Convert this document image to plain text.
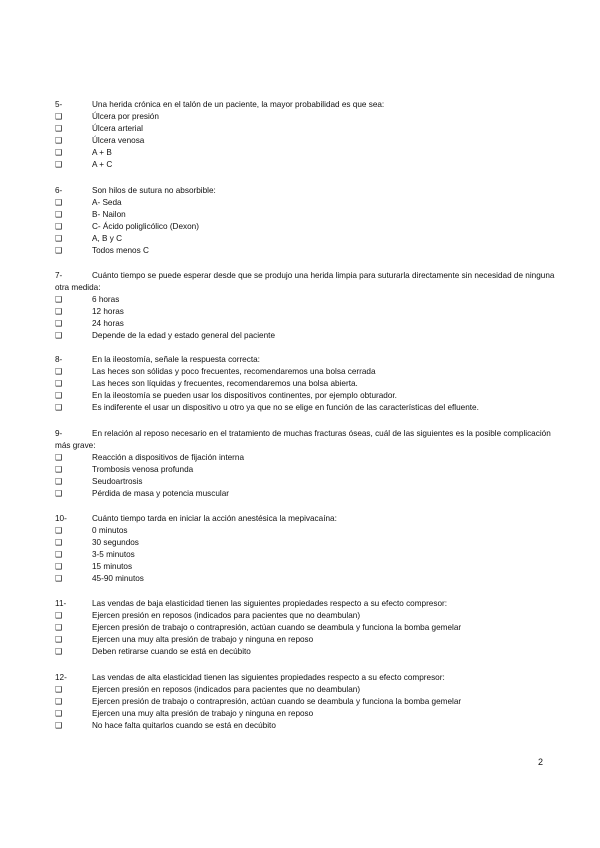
5-	Una herida crónica en el talón de un paciente, la mayor probabilidad es que sea:
❑	Úlcera por presión
❑	Úlcera arterial
❑	Úlcera venosa
❑	A + B
❑	A + C
6-	Son hilos de sutura no absorbible:
❑	A- Seda
❑	B- Nailon
❑	C- Ácido poliglicólico (Dexon)
❑	A, B y C
❑	Todos menos C
7-	Cuánto tiempo se puede esperar desde que se produjo una herida limpia para suturarla directamente sin necesidad de ninguna otra medida:
❑	6 horas
❑	12 horas
❑	24 horas
❑	Depende de la edad y estado general del paciente
8-	En la ileostomía, señale la respuesta correcta:
❑	Las heces son sólidas y poco frecuentes, recomendaremos una bolsa cerrada
❑	Las heces son líquidas y frecuentes, recomendaremos una bolsa abierta.
❑	En la ileostomía se pueden usar los dispositivos continentes, por ejemplo obturador.
❑	Es indiferente el usar un dispositivo u otro ya que no se elige en función de las características del efluente.
9-	En relación al reposo necesario en el tratamiento de muchas fracturas óseas, cuál de las siguientes es la posible complicación más grave:
❑	Reacción a dispositivos de fijación interna
❑	Trombosis venosa profunda
❑	Seudoartrosis
❑	Pérdida de masa y potencia muscular
10-	Cuánto tiempo tarda en iniciar la acción anestésica la mepivacaína:
❑	0 minutos
❑	30 segundos
❑	3-5 minutos
❑	15 minutos
❑	45-90 minutos
11-	Las vendas de baja elasticidad tienen las siguientes propiedades respecto a su efecto compresor:
❑	Ejercen presión en reposos (indicados para pacientes que no deambulan)
❑	Ejercen presión de trabajo o contrapresión, actúan cuando se deambula y funciona la bomba gemelar
❑	Ejercen una muy alta presión de trabajo y ninguna en reposo
❑	Deben retirarse cuando se está en decúbito
12-	Las vendas de alta elasticidad tienen las siguientes propiedades respecto a su efecto compresor:
❑	Ejercen presión en reposos (indicados para pacientes que no deambulan)
❑	Ejercen presión de trabajo o contrapresión, actúan cuando se deambula y funciona la bomba gemelar
❑	Ejercen una muy alta presión de trabajo y ninguna en reposo
❑	No hace falta quitarlos cuando se está en decúbito
2
